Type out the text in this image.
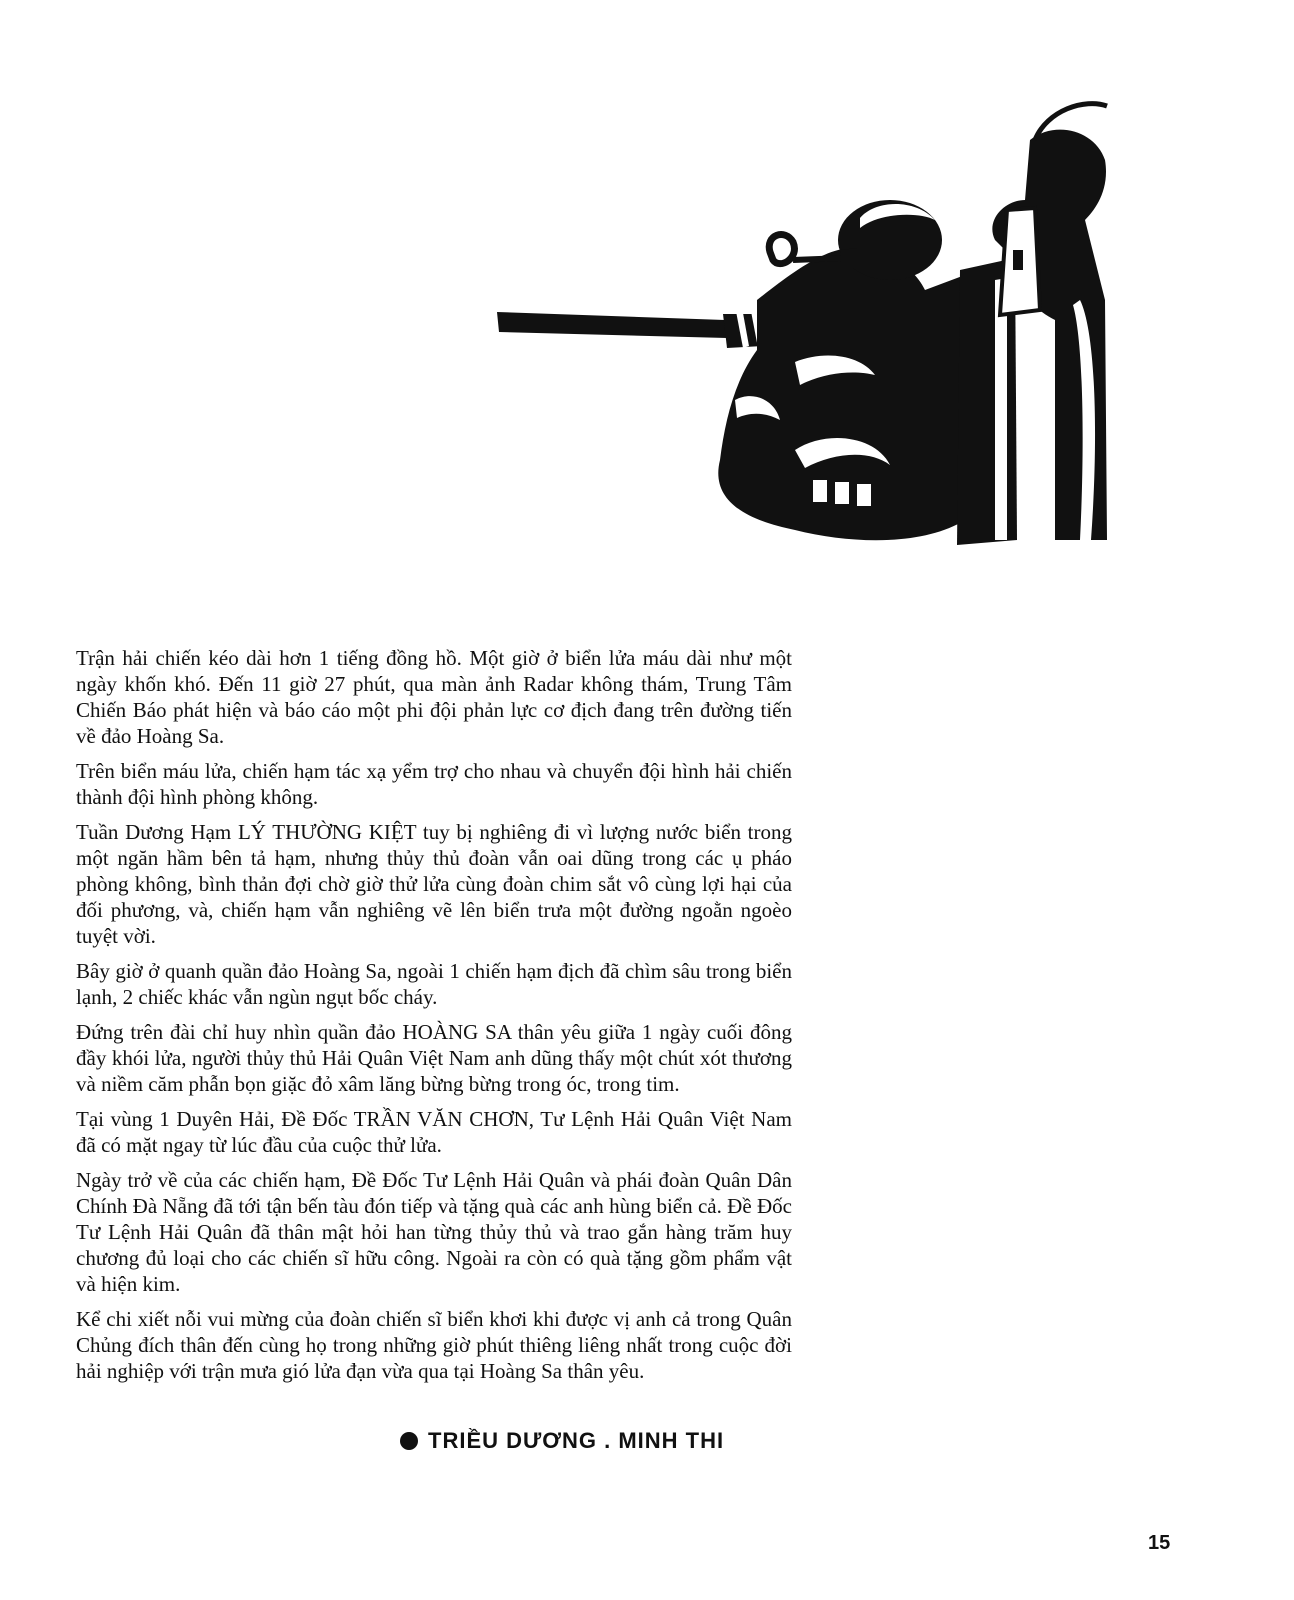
Trận hải chiến kéo dài hơn 1 tiếng đồng hồ. Một giờ ở biển lửa máu dài như một ngày khốn khó. Đến 11 giờ 27 phút, qua màn ảnh Radar không thám, Trung Tâm Chiến Báo phát hiện và báo cáo một phi đội phản lực cơ địch đang trên đường tiến về đảo Hoàng Sa.

Trên biển máu lửa, chiến hạm tác xạ yểm trợ cho nhau và chuyển đội hình hải chiến thành đội hình phòng không.

Tuần Dương Hạm LÝ THƯỜNG KIỆT tuy bị nghiêng đi vì lượng nước biển trong một ngăn hầm bên tả hạm, nhưng thủy thủ đoàn vẫn oai dũng trong các ụ pháo phòng không, bình thản đợi chờ giờ thử lửa cùng đoàn chim sắt vô cùng lợi hại của đối phương, và, chiến hạm vẫn nghiêng vẽ lên biển trưa một đường ngoằn ngoèo tuyệt vời.

Bây giờ ở quanh quần đảo Hoàng Sa, ngoài 1 chiến hạm địch đã chìm sâu trong biển lạnh, 2 chiếc khác vẫn ngùn ngụt bốc cháy.

Đứng trên đài chỉ huy nhìn quần đảo HOÀNG SA thân yêu giữa 1 ngày cuối đông đầy khói lửa, người thủy thủ Hải Quân Việt Nam anh dũng thấy một chút xót thương và niềm căm phẫn bọn giặc đỏ xâm lăng bừng bừng trong óc, trong tim.

Tại vùng 1 Duyên Hải, Đề Đốc TRẦN VĂN CHƠN, Tư Lệnh Hải Quân Việt Nam đã có mặt ngay từ lúc đầu của cuộc thử lửa.

Ngày trở về của các chiến hạm, Đề Đốc Tư Lệnh Hải Quân và phái đoàn Quân Dân Chính Đà Nẵng đã tới tận bến tàu đón tiếp và tặng quà các anh hùng biển cả. Đề Đốc Tư Lệnh Hải Quân đã thân mật hỏi han từng thủy thủ và trao gắn hàng trăm huy chương đủ loại cho các chiến sĩ hữu công. Ngoài ra còn có quà tặng gồm phẩm vật và hiện kim.

Kể chi xiết nỗi vui mừng của đoàn chiến sĩ biển khơi khi được vị anh cả trong Quân Chủng đích thân đến cùng họ trong những giờ phút thiêng liêng nhất trong cuộc đời hải nghiệp với trận mưa gió lửa đạn vừa qua tại Hoàng Sa thân yêu.

TRIỀU DƯƠNG . MINH THI
15
